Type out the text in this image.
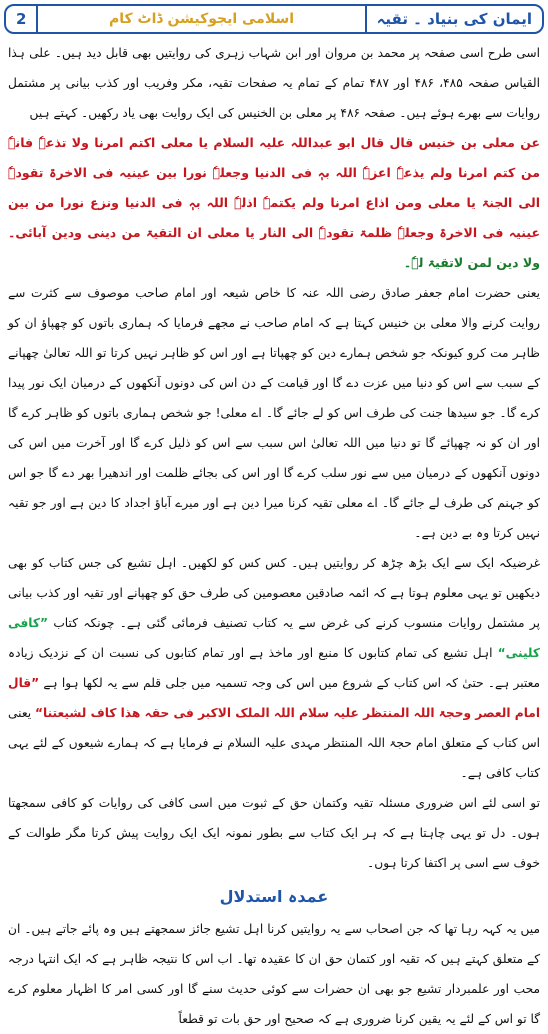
ایمان کی بنیاد ۔ تقیہ
اسلامی ایجوکیشن ڈاٹ کام
2

اسی طرح اسی صفحہ پر محمد بن مروان اور ابن شہاب زہری کی روایتیں بھی قابل دید ہیں۔ علی ہذا القیاس صفحہ ۴۸۵، ۴۸۶ اور ۴۸۷ تمام کے تمام یہ صفحات تقیہ، مکر وفریب اور کذب بیانی پر مشتمل روایات سے بھرے ہوئے ہیں۔ صفحہ ۴۸۶ پر معلی بن الخنیس کی ایک روایت بھی یاد رکھیں۔ کہتے ہیں

عن معلی بن خنیس قال قال ابو عبداللہ علیہ السلام یا معلی اکتم امرنا ولا تذعہٗ فانہٗ من کتم امرنا ولم یذعہٗ اعزہٗ اللہ بہٖ فی الدنیا وجعلہٗ نورا بین عینیہ فی الاخرۃ تقودہٗ الی الجنۃ یا معلی ومن اذاع امرنا ولم یکتمہٗ اذلہٗ اللہ بہٖ فی الدنیا ونزع نورا من بین عینیہ فی الاخرۃ وجعلہٗ ظلمۃ تقودہٗ الی النار یا معلی ان التقیۃ من دینی ودین آبائی۔ ولا دین لمن لاتقیۃ لہٗ۔

یعنی حضرت امام جعفر صادق رضی اللہ عنہ کا خاص شیعہ اور امام صاحب موصوف سے کثرت سے روایت کرنے والا معلی بن خنیس کہتا ہے کہ امام صاحب نے مجھے فرمایا کہ ہماری باتوں کو چھپاؤ ان کو ظاہر مت کرو کیونکہ جو شخص ہمارے دین کو چھپاتا ہے اور اس کو ظاہر نہیں کرتا تو اللہ تعالیٰ چھپانے کے سبب سے اس کو دنیا میں عزت دے گا اور قیامت کے دن اس کی دونوں آنکھوں کے درمیان ایک نور پیدا کرے گا۔ جو سیدھا جنت کی طرف اس کو لے جائے گا۔ اے معلی! جو شخص ہماری باتوں کو ظاہر کرے گا اور ان کو نہ چھپائے گا تو دنیا میں اللہ تعالیٰ اس سبب سے اس کو ذلیل کرے گا اور آخرت میں اس کی دونوں آنکھوں کے درمیان میں سے نور سلب کرے گا اور اس کی بجائے ظلمت اور اندھیرا بھر دے گا جو اس کو جہنم کی طرف لے جائے گا۔ اے معلی تقیہ کرنا میرا دین ہے اور میرے آباؤ اجداد کا دین ہے اور جو تقیہ نہیں کرتا وہ بے دین ہے۔

غرضیکہ ایک سے ایک بڑھ چڑھ کر روایتیں ہیں۔ کس کس کو لکھیں۔ اہل تشیع کی جس کتاب کو بھی دیکھیں تو یہی معلوم ہوتا ہے کہ ائمہ صادقین معصومین کی طرف حق کو چھپانے اور تقیہ اور کذب بیانی پر مشتمل روایات منسوب کرنے کی غرض سے یہ کتاب تصنیف فرمائی گئی ہے۔ چونکہ کتاب ”کافی کلینی“ اہل تشیع کی تمام کتابوں کا منبع اور ماخذ ہے اور تمام کتابوں کی نسبت ان کے نزدیک زیادہ معتبر ہے۔ حتیٰ کہ اس کتاب کے شروع میں اس کی وجہ تسمیہ میں جلی قلم سے یہ لکھا ہوا ہے ”قال امام العصر وحجۃ اللہ المنتظر علیہ سلام اللہ الملک الاکبر فی حقہ ھذا کاف لشیعتنا“ یعنی اس کتاب کے متعلق امام حجۃ اللہ المنتظر مہدی علیہ السلام نے فرمایا ہے کہ ہمارے شیعوں کے لئے یہی کتاب کافی ہے۔

تو اسی لئے اس ضروری مسئلہ تقیہ وکتمان حق کے ثبوت میں اسی کافی کی روایات کو کافی سمجھتا ہوں۔ دل تو یہی چاہتا ہے کہ ہر ایک کتاب سے بطور نمونہ ایک ایک روایت پیش کرتا مگر طوالت کے خوف سے اسی پر اکتفا کرتا ہوں۔

عمدہ استدلال

میں یہ کہہ رہا تھا کہ جن اصحاب سے یہ روایتیں کرنا اہل تشیع جائز سمجھتے ہیں وہ پائے جاتے ہیں۔ ان کے متعلق کہتے ہیں کہ تقیہ اور کتمان حق ان کا عقیدہ تھا۔ اب اس کا نتیجہ ظاہر ہے کہ ایک انتہا درجہ محب اور علمبردار تشیع جو بھی ان حضرات سے کوئی حدیث سنے گا اور کسی امر کا اظہار معلوم کرے گا تو اس کے لئے یہ یقین کرنا ضروری ہے کہ صحیح اور حق بات تو قطعاً
